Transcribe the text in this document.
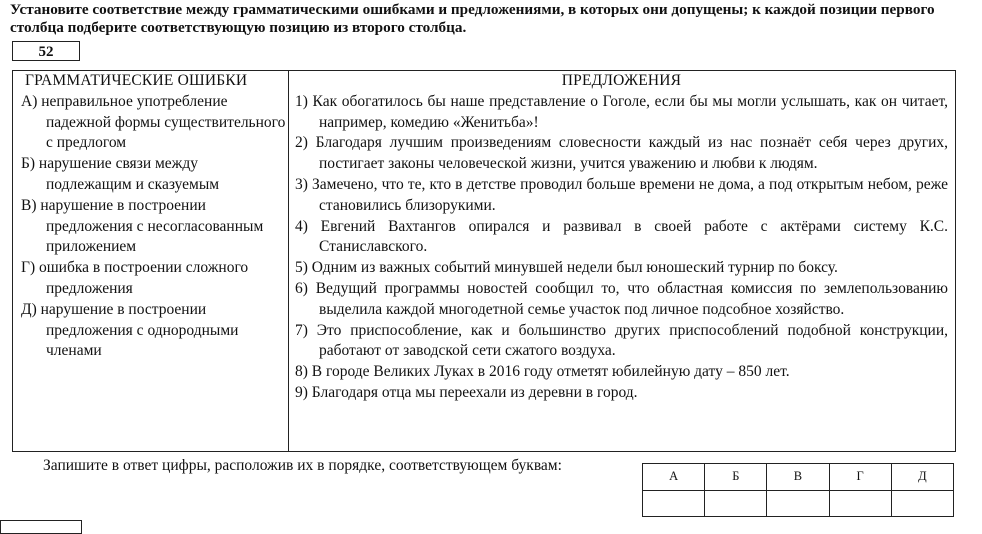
Установите соответствие между грамматическими ошибками и предложениями, в которых они допущены; к каждой позиции первого столбца подберите соответствующую позицию из второго столбца.
52
ГРАММАТИЧЕСКИЕ ОШИБКИ
А) неправильное употребление падежной формы существительного с предлогом
Б) нарушение связи между подлежащим и сказуемым
В) нарушение в построении предложения с несогласованным приложением
Г) ошибка в построении сложного предложения
Д) нарушение в построении предложения с однородными членами
ПРЕДЛОЖЕНИЯ
1) Как обогатилось бы наше представление о Гоголе, если бы мы могли услышать, как он читает, например, комедию «Женитьба»!
2) Благодаря лучшим произведениям словесности каждый из нас познаёт себя через других, постигает законы человеческой жизни, учится уважению и любви к людям.
3) Замечено, что те, кто в детстве проводил больше времени не дома, а под открытым небом, реже становились близорукими.
4) Евгений Вахтангов опирался и развивал в своей работе с актёрами систему К.С. Станиславского.
5) Одним из важных событий минувшей недели был юношеский турнир по боксу.
6) Ведущий программы новостей сообщил то, что областная комиссия по землепользованию выделила каждой многодетной семье участок под личное подсобное хозяйство.
7) Это приспособление, как и большинство других приспособлений подобной конструкции, работают от заводской сети сжатого воздуха.
8) В городе Великих Луках в 2016 году отметят юбилейную дату – 850 лет.
9) Благодаря отца мы переехали из деревни в город.
Запишите в ответ цифры, расположив их в порядке, соответствующем буквам:
А	Б	В	Г	Д
